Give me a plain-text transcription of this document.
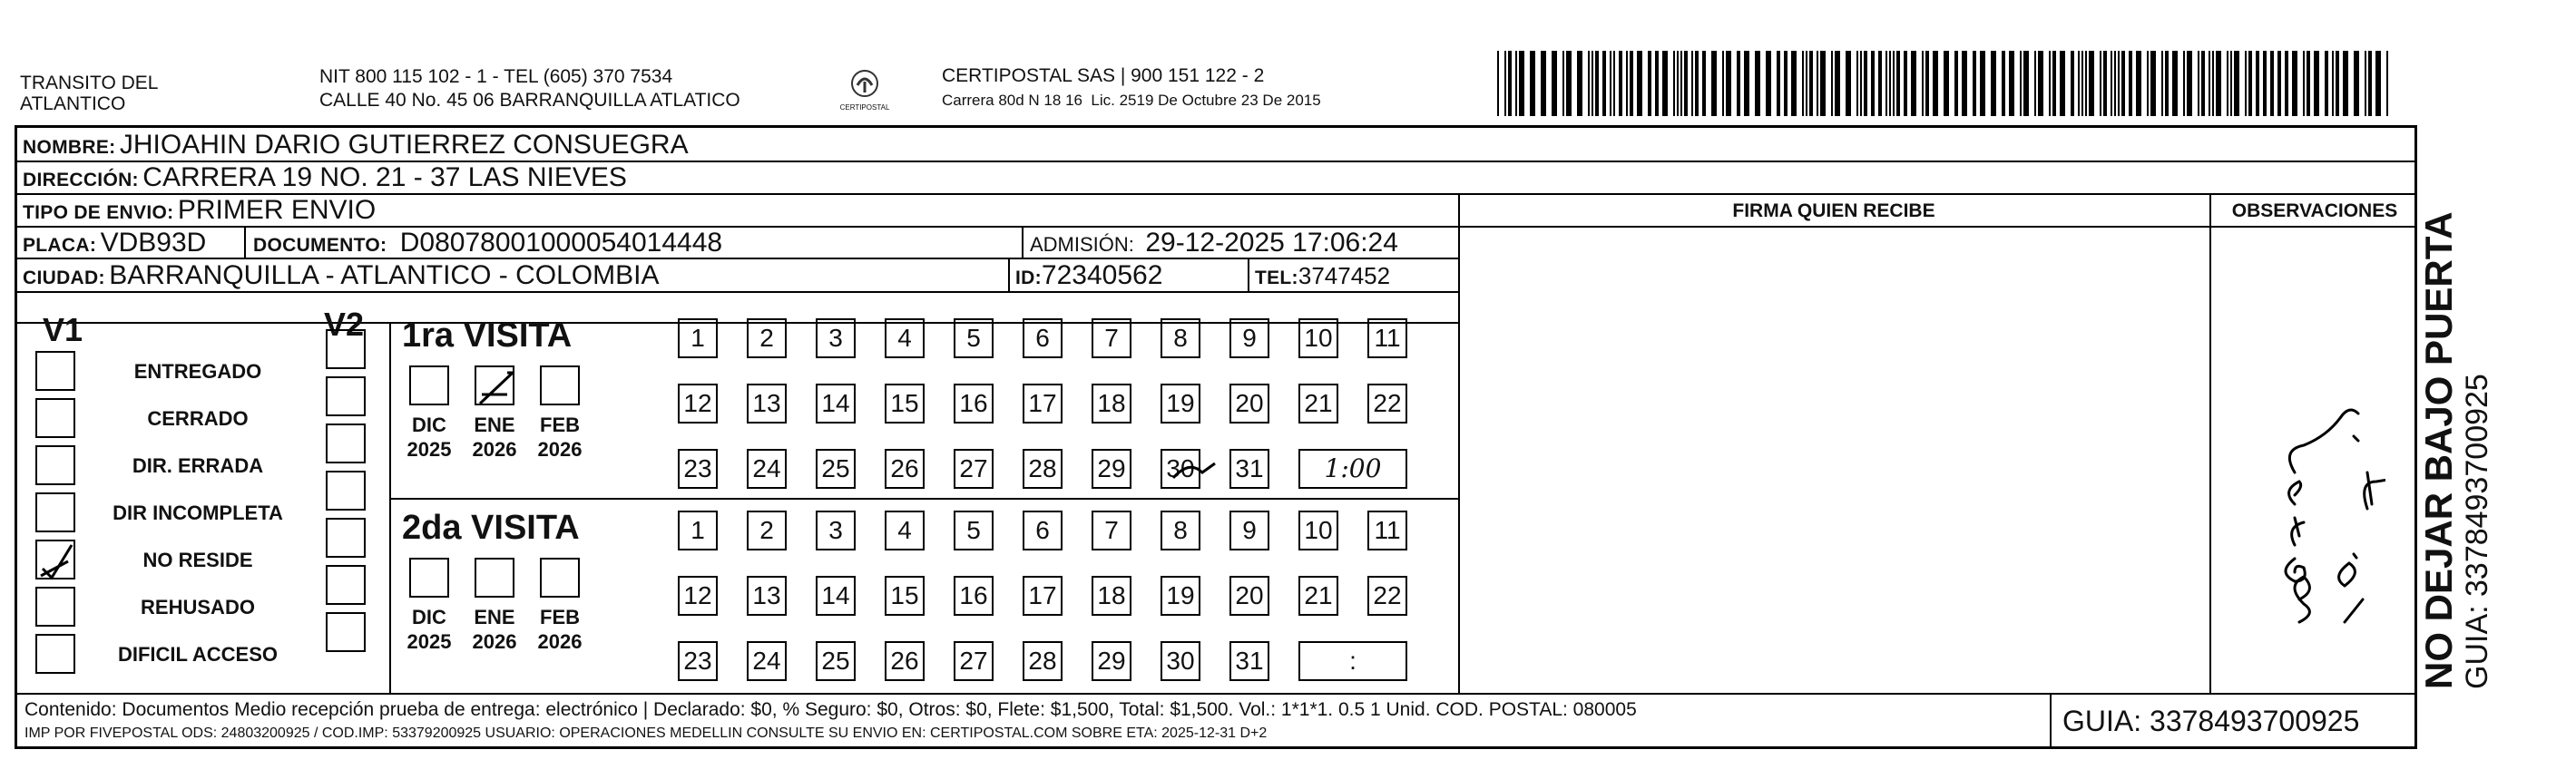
TRANSITO DEL
ATLANTICO
NIT 800 115 102 - 1 - TEL (605) 370 7534
CALLE 40 No. 45 06 BARRANQUILLA ATLATICO	CERTIPOSTAL
CERTIPOSTAL SAS | 900 151 122 - 2
Carrera 80d N 18 16  Lic. 2519 De Octubre 23 De 2015
NOMBRE: JHIOAHIN DARIO GUTIERREZ CONSUEGRA
DIRECCIÓN: CARRERA 19 NO. 21 - 37 LAS NIEVES
TIPO DE ENVIO: PRIMER ENVIO	FIRMA QUIEN RECIBE	OBSERVACIONES
PLACA: VDB93D DOCUMENTO: D08078001000054014448	ADMISIÓN: 29-12-2025 17:06:24
CIUDAD: BARRANQUILLA - ATLANTICO - COLOMBIA	ID:72340562	TEL:3747452
V1	V2
ENTREGADO
CERRADO
DIR. ERRADA
DIR INCOMPLETA
NO RESIDE
REHUSADO
DIFICIL ACCESO
1ra VISITA
2da VISITA
DIC
2025
ENE
2026
FEB
2026
DIC
2025
ENE
2026
FEB
2026
1	2	3	4	5	6	7	8	9	10 11
12 13 14 15 16 17 18 19 20 21 22
23 24 25 26 27 28 29 30 31	1:00
1	2	3	4	5	6	7	8	9	10 11
12 13 14 15 16 17 18 19 20 21 22
23 24 25 26 27 28 29 30 31	:
Contenido: Documentos Medio recepción prueba de entrega: electrónico | Declarado: $0, % Seguro: $0, Otros: $0, Flete: $1,500, Total: $1,500. Vol.: 1*1*1. 0.5 1 Unid. COD. POSTAL: 080005
IMP POR FIVEPOSTAL ODS: 24803200925 / COD.IMP: 53379200925 USUARIO: OPERACIONES MEDELLIN CONSULTE SU ENVIO EN: CERTIPOSTAL.COM SOBRE ETA: 2025-12-31 D+2	GUIA: 3378493700925
NO DEJAR BAJO PUERTA GUIA: 3378493700925
